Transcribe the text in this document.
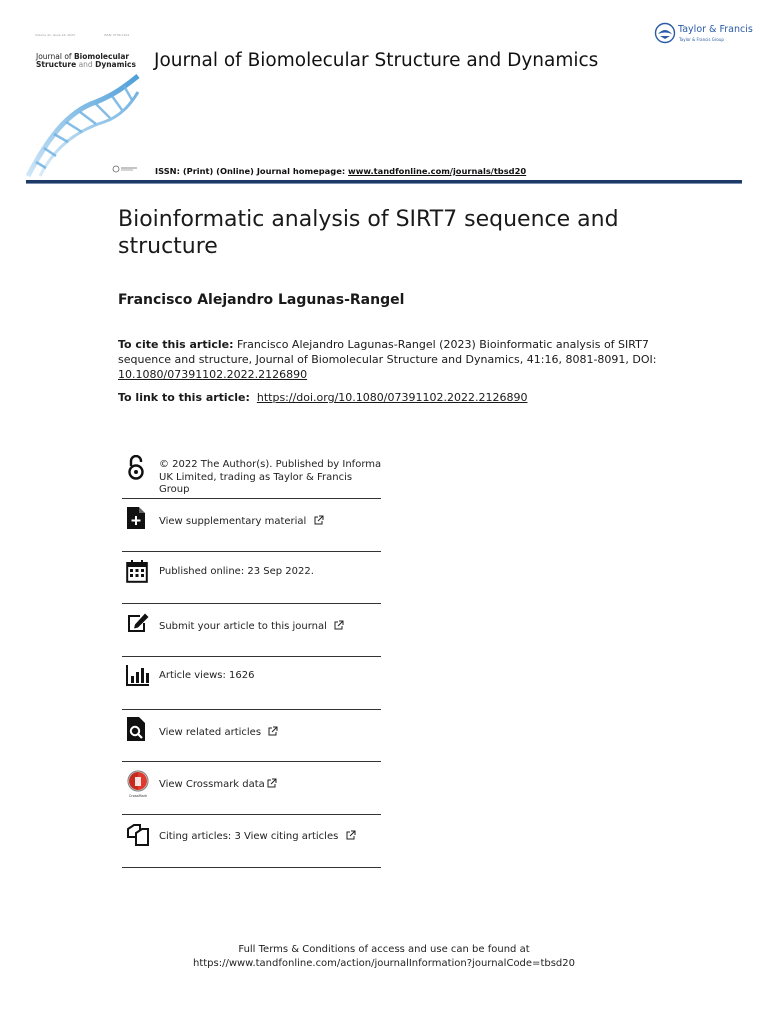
Volume 41, Issue 16, 2023	ISSN: 0739-1102
Journal of Biomolecular
Structure and Dynamics Journal of Biomolecular Structure and Dynamics
Taylor & Francis
Taylor & Francis Group
ISSN: (Print) (Online) Journal homepage: www.tandfonline.com/journals/tbsd20
Bioinformatic analysis of SIRT7 sequence and structure
Francisco Alejandro Lagunas-Rangel
To cite this article: Francisco Alejandro Lagunas-Rangel (2023) Bioinformatic analysis of SIRT7 sequence and structure, Journal of Biomolecular Structure and Dynamics, 41:16, 8081-8091, DOI: 10.1080/07391102.2022.2126890
To link to this article: https://doi.org/10.1080/07391102.2022.2126890
© 2022 The Author(s). Published by Informa UK Limited, trading as Taylor & Francis Group
View supplementary material
Published online: 23 Sep 2022.
Submit your article to this journal
Article views: 1626
View related articles
CrossMark
View Crossmark data
Citing articles: 3 View citing articles
Full Terms & Conditions of access and use can be found at
https://www.tandfonline.com/action/journalInformation?journalCode=tbsd20
